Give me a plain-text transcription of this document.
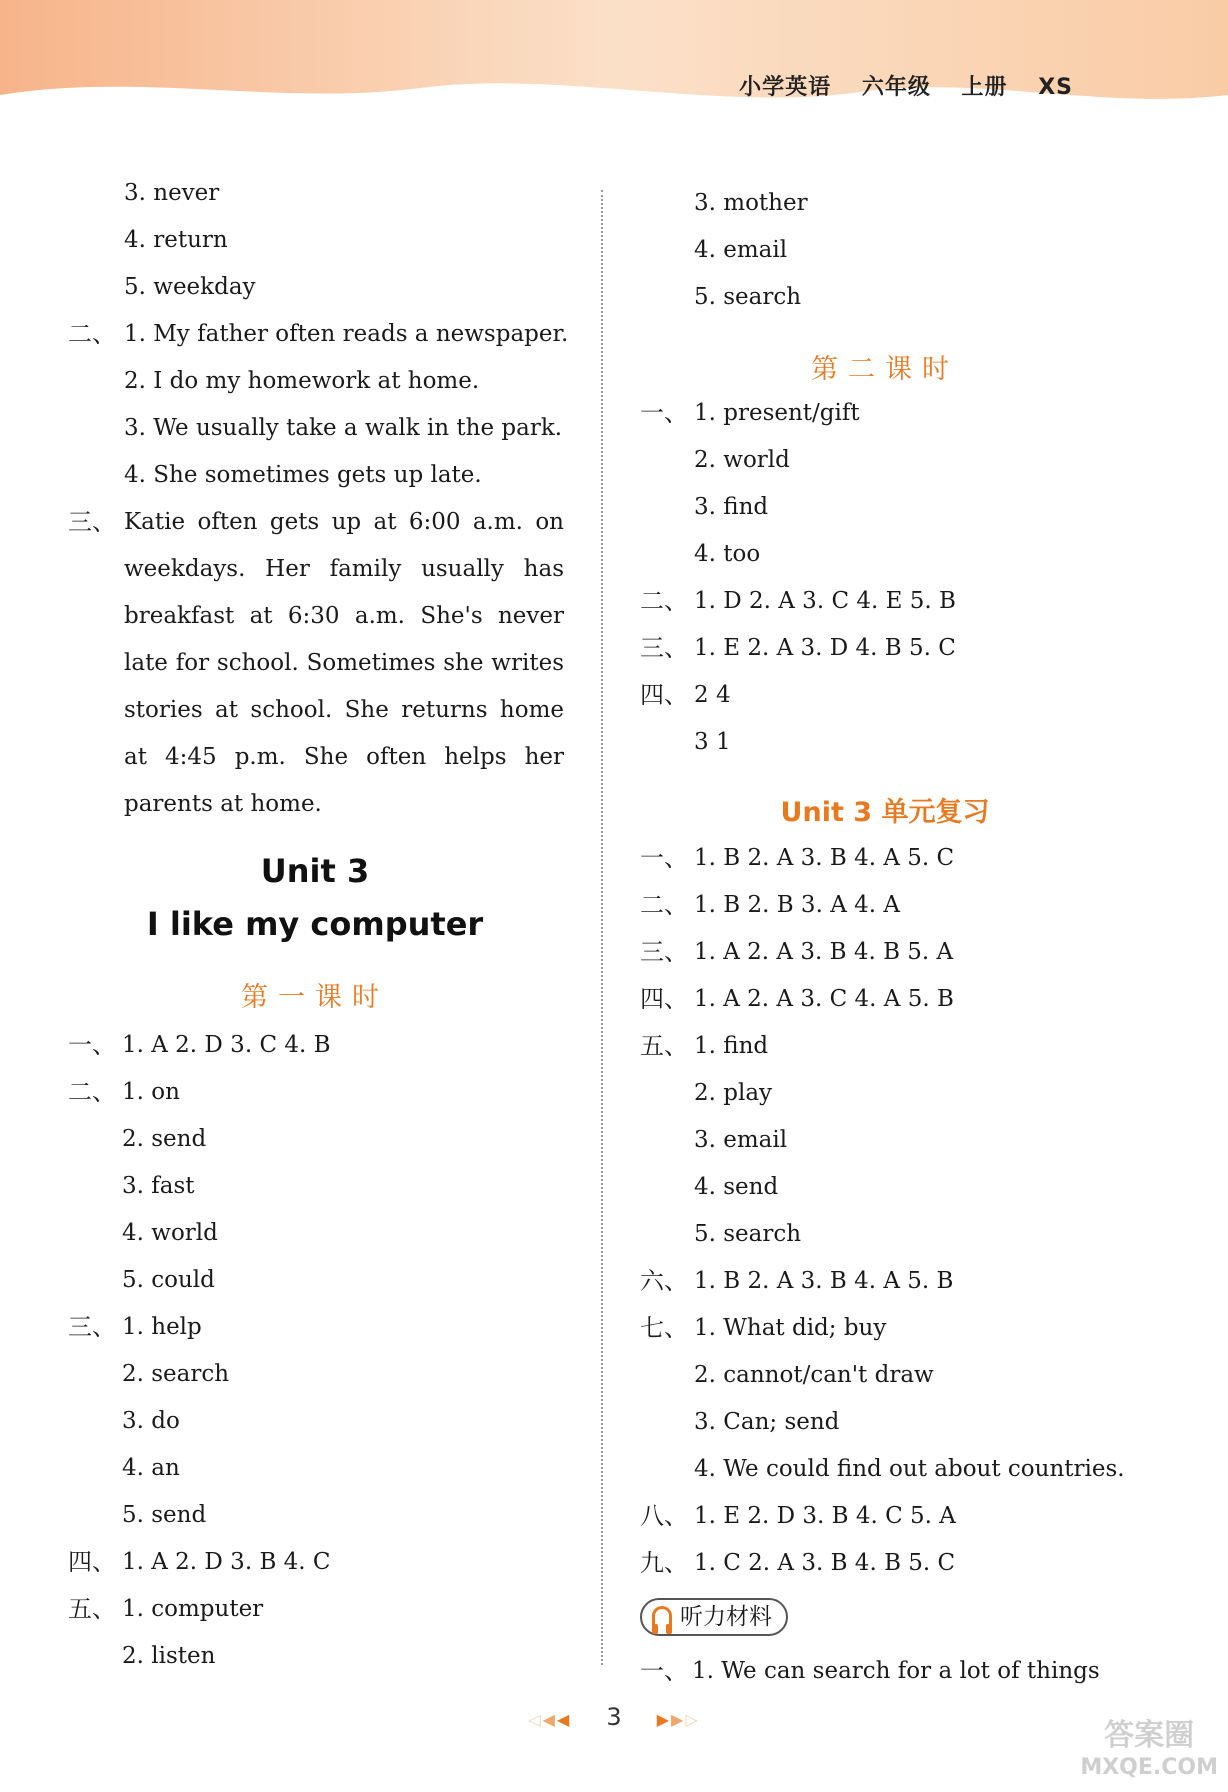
小学英语 六年级 上册 XS
3. never
4. return
5. weekday
二、 1. My father often reads a newspaper.
2. I do my homework at home.
3. We usually take a walk in the park.
4. She sometimes gets up late.
三、 Katie often gets up at 6:00 a.m. on
weekdays. Her family usually has
breakfast at 6:30 a.m. She's never
late for school. Sometimes she writes
stories at school. She returns home
at 4:45 p.m. She often helps her
parents at home.
Unit 3
I like my computer
第一课时
一、 1. A 2. D 3. C 4. B
二、 1. on
2. send
3. fast
4. world
5. could
三、 1. help
2. search
3. do
4. an
5. send
四、 1. A 2. D 3. B 4. C
五、 1. computer
2. listen
3. mother
4. email
5. search
第二课时
一、 1. present/gift
2. world
3. find
4. too
二、 1. D 2. A 3. C 4. E 5. B
三、 1. E 2. A 3. D 4. B 5. C
四、 2 4
3 1
Unit 3 单元复习
一、 1. B 2. A 3. B 4. A 5. C
二、 1. B 2. B 3. A 4. A
三、 1. A 2. A 3. B 4. B 5. A
四、 1. A 2. A 3. C 4. A 5. B
五、 1. find
2. play
3. email
4. send
5. search
六、 1. B 2. A 3. B 4. A 5. B
七、 1. What did; buy
2. cannot/can't draw
3. Can; send
4. We could find out about countries.
八、 1. E 2. D 3. B 4. C 5. A
九、 1. C 2. A 3. B 4. B 5. C
听力材料
一、 1. We can search for a lot of things
◁◀◀ 3 ▶▶▷	答案圈
MXQE.COM
